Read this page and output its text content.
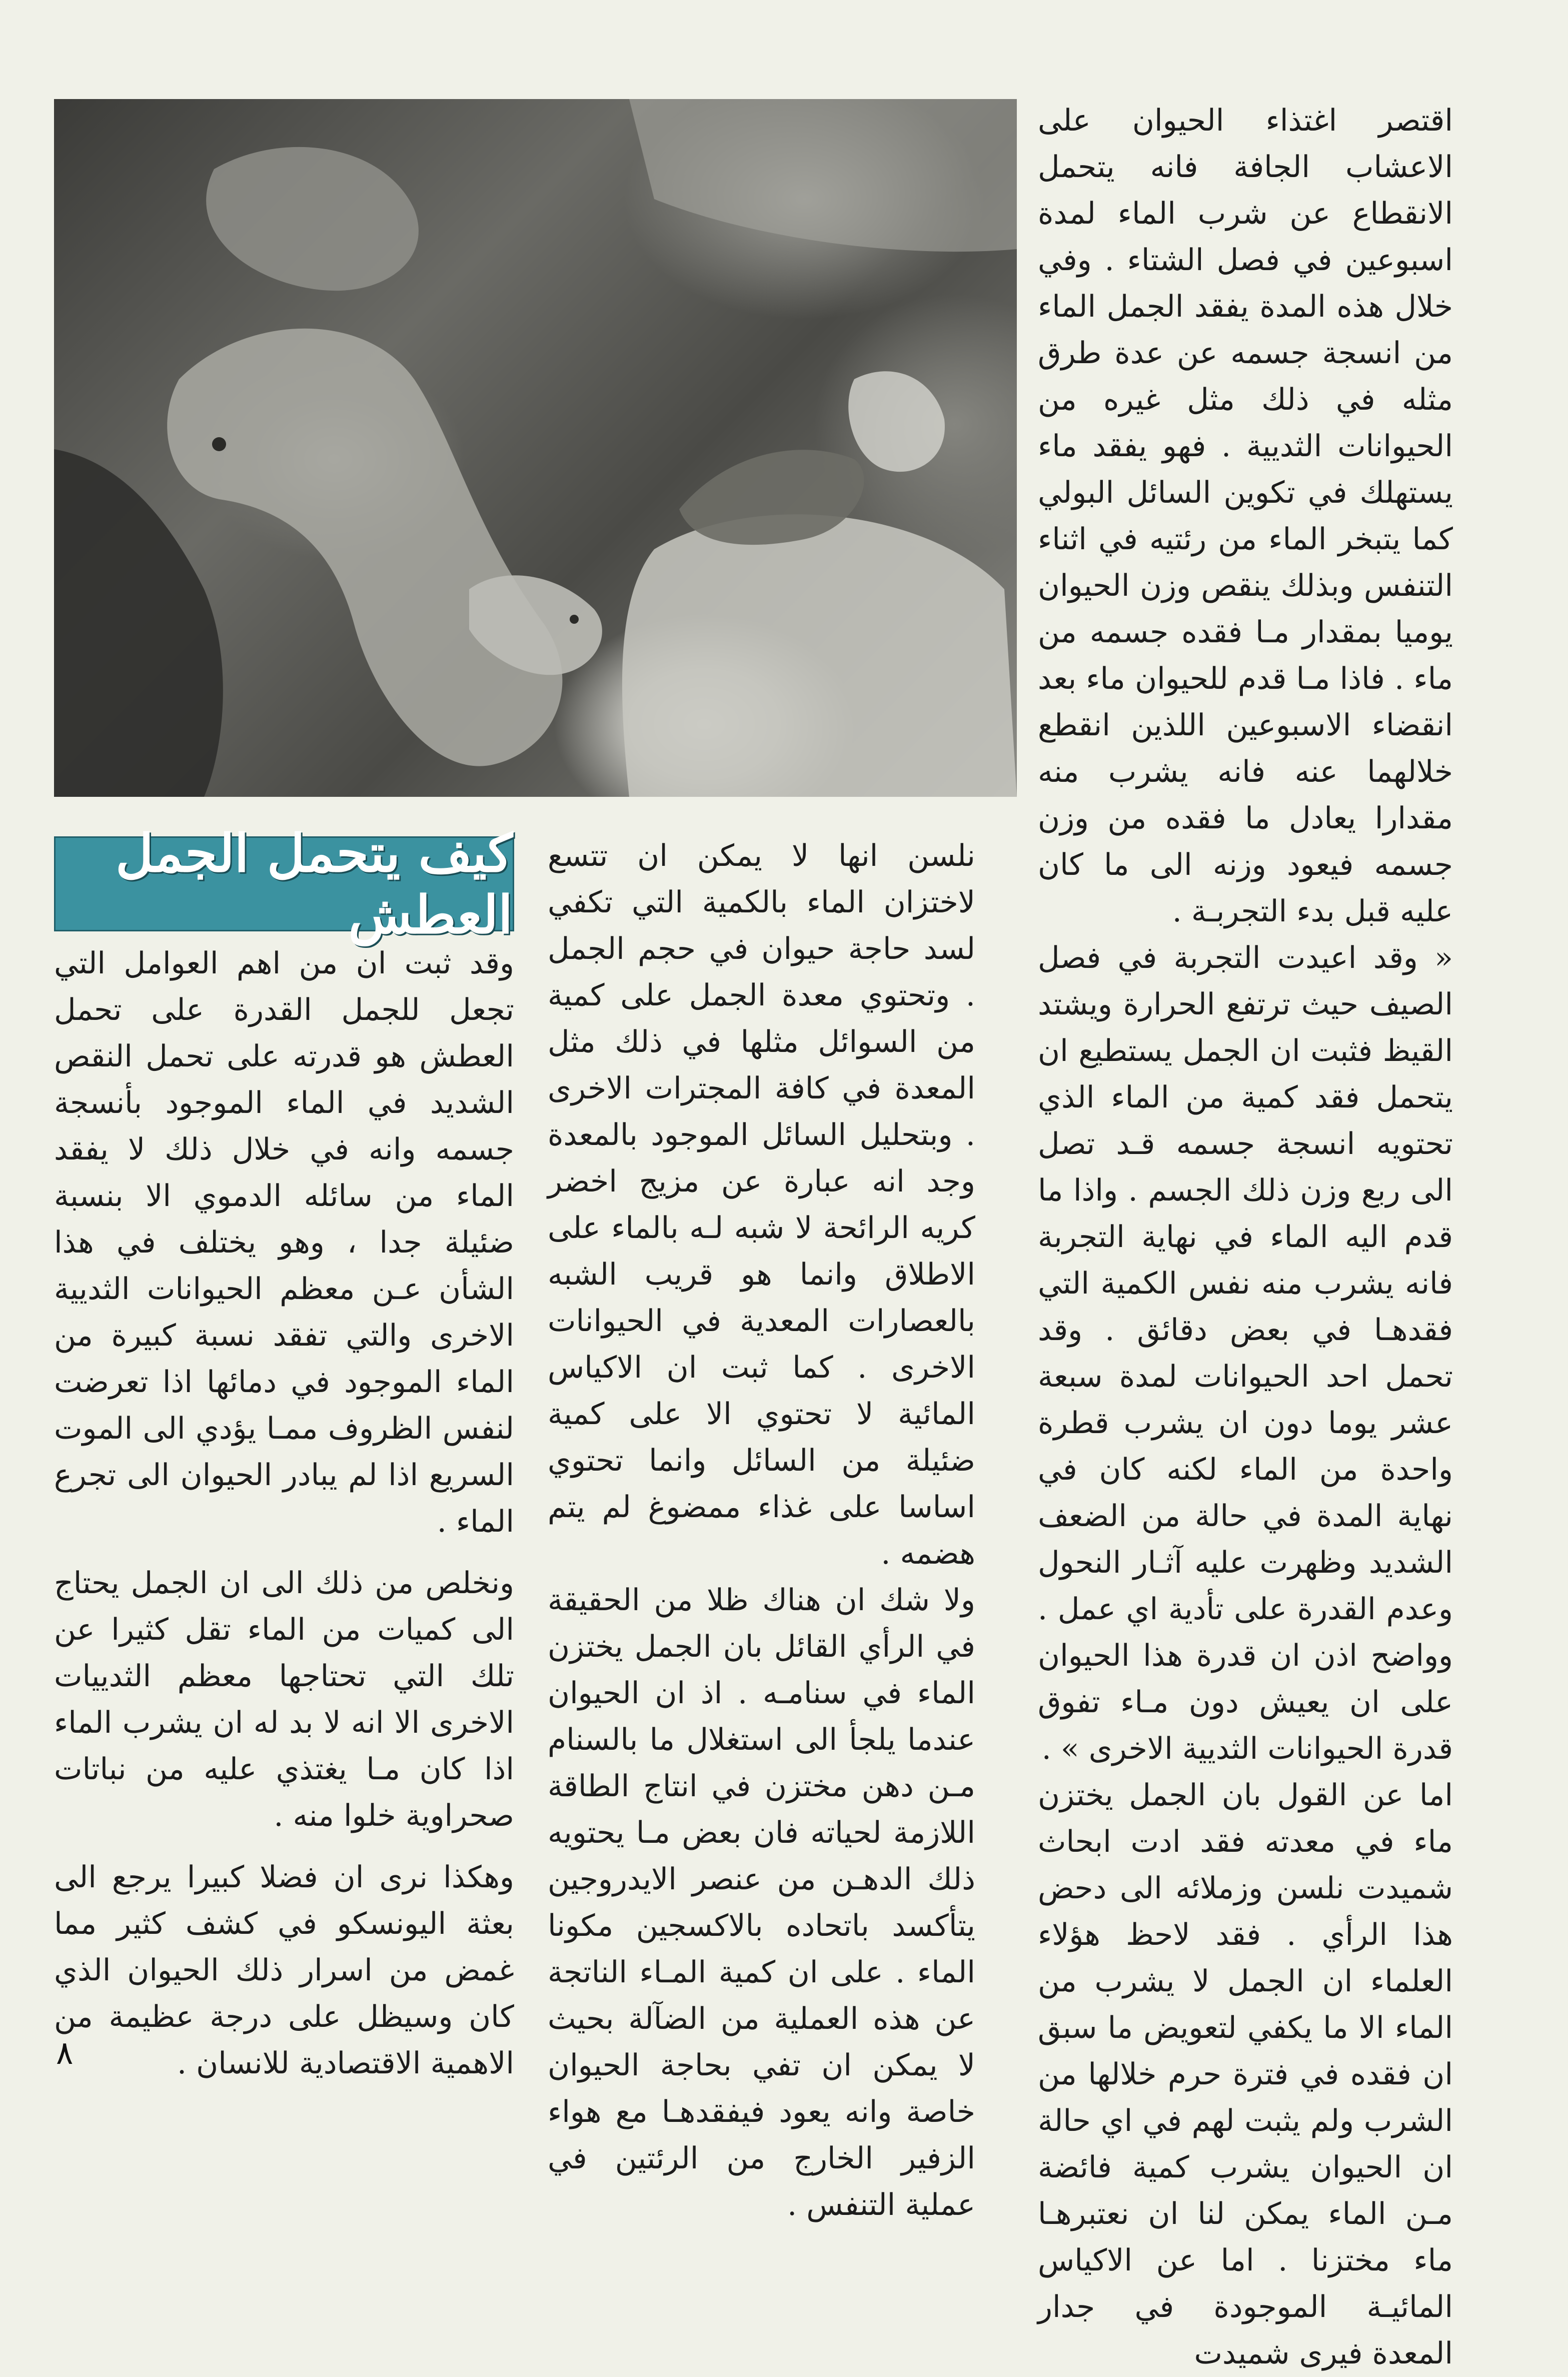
اقتصر اغتذاء الحيوان على الاعشاب الجافة فانه يتحمل الانقطاع عن شرب الماء لمدة اسبوعين في فصل الشتاء . وفي خلال هذه المدة يفقد الجمل الماء من انسجة جسمه عن عدة طرق مثله في ذلك مثل غيره من الحيوانات الثديية . فهو يفقد ماء يستهلك في تكوين السائل البولي كما يتبخر الماء من رئتيه في اثناء التنفس وبذلك ينقص وزن الحيوان يوميا بمقدار مـا فقده جسمه من ماء . فاذا مـا قدم للحيوان ماء بعد انقضاء الاسبوعين اللذين انقطع خلالهما عنه فانه يشرب منه مقدارا يعادل ما فقده من وزن جسمه فيعود وزنه الى ما كان عليه قبل بدء التجربـة .

« وقد اعيدت التجربة في فصل الصيف حيث ترتفع الحرارة ويشتد القيظ فثبت ان الجمل يستطيع ان يتحمل فقد كمية من الماء الذي تحتويه انسجة جسمه قـد تصل الى ربع وزن ذلك الجسم . واذا ما قدم اليه الماء في نهاية التجربة فانه يشرب منه نفس الكمية التي فقدهـا في بعض دقائق . وقد تحمل احد الحيوانات لمدة سبعة عشر يوما دون ان يشرب قطرة واحدة من الماء لكنه كان في نهاية المدة في حالة من الضعف الشديد وظهرت عليه آثـار النحول وعدم القدرة على تأدية اي عمل . وواضح اذن ان قدرة هذا الحيوان على ان يعيش دون مـاء تفوق قدرة الحيوانات الثديية الاخرى » .

اما عن القول بان الجمل يختزن ماء في معدته فقد ادت ابحاث شميدت نلسن وزملائه الى دحض هذا الرأي . فقد لاحظ هؤلاء العلماء ان الجمل لا يشرب من الماء الا ما يكفي لتعويض ما سبق ان فقده في فترة حرم خلالها من الشرب ولم يثبت لهم في اي حالة ان الحيوان يشرب كمية فائضة مـن الماء يمكن لنا ان نعتبرهـا ماء مختزنا . اما عن الاكياس المائيـة الموجودة في جدار المعدة فيرى شميدت

نلسن انها لا يمكن ان تتسع لاختزان الماء بالكمية التي تكفي لسد حاجة حيوان في حجم الجمل . وتحتوي معدة الجمل على كمية من السوائل مثلها في ذلك مثل المعدة في كافة المجترات الاخرى . وبتحليل السائل الموجود بالمعدة وجد انه عبارة عن مزيج اخضر كريه الرائحة لا شبه لـه بالماء على الاطلاق وانما هو قريب الشبه بالعصارات المعدية في الحيوانات الاخرى . كما ثبت ان الاكياس المائية لا تحتوي الا على كمية ضئيلة من السائل وانما تحتوي اساسا على غذاء ممضوغ لم يتم هضمه .

ولا شك ان هناك ظلا من الحقيقة في الرأي القائل بان الجمل يختزن الماء في سنامـه . اذ ان الحيوان عندما يلجأ الى استغلال ما بالسنام مـن دهن مختزن في انتاج الطاقة اللازمة لحياته فان بعض مـا يحتويه ذلك الدهـن من عنصر الايدروجين يتأكسد باتحاده بالاكسجين مكونا الماء . على ان كمية المـاء الناتجة عن هذه العملية من الضآلة بحيث لا يمكن ان تفي بحاجة الحيوان خاصة وانه يعود فيفقدهـا مع هواء الزفير الخارج من الرئتين في عملية التنفس .

كيف يتحمل الجمل العطش

وقد ثبت ان من اهم العوامل التي تجعل للجمل القدرة على تحمل العطش هو قدرته على تحمل النقص الشديد في الماء الموجود بأنسجة جسمه وانه في خلال ذلك لا يفقد الماء من سائله الدموي الا بنسبة ضئيلة جدا ، وهو يختلف في هذا الشأن عـن معظم الحيوانات الثديية الاخرى والتي تفقد نسبة كبيرة من الماء الموجود في دمائها اذا تعرضت لنفس الظروف ممـا يؤدي الى الموت السريع اذا لم يبادر الحيوان الى تجرع الماء .

ونخلص من ذلك الى ان الجمل يحتاج الى كميات من الماء تقل كثيرا عن تلك التي تحتاجها معظم الثدييات الاخرى الا انه لا بد له ان يشرب الماء اذا كان مـا يغتذي عليه من نباتات صحراوية خلوا منه .

وهكذا نرى ان فضلا كبيرا يرجع الى بعثة اليونسكو في كشف كثير مما غمض من اسرار ذلك الحيوان الذي كان وسيظل على درجة عظيمة من الاهمية الاقتصادية للانسان .

٨
